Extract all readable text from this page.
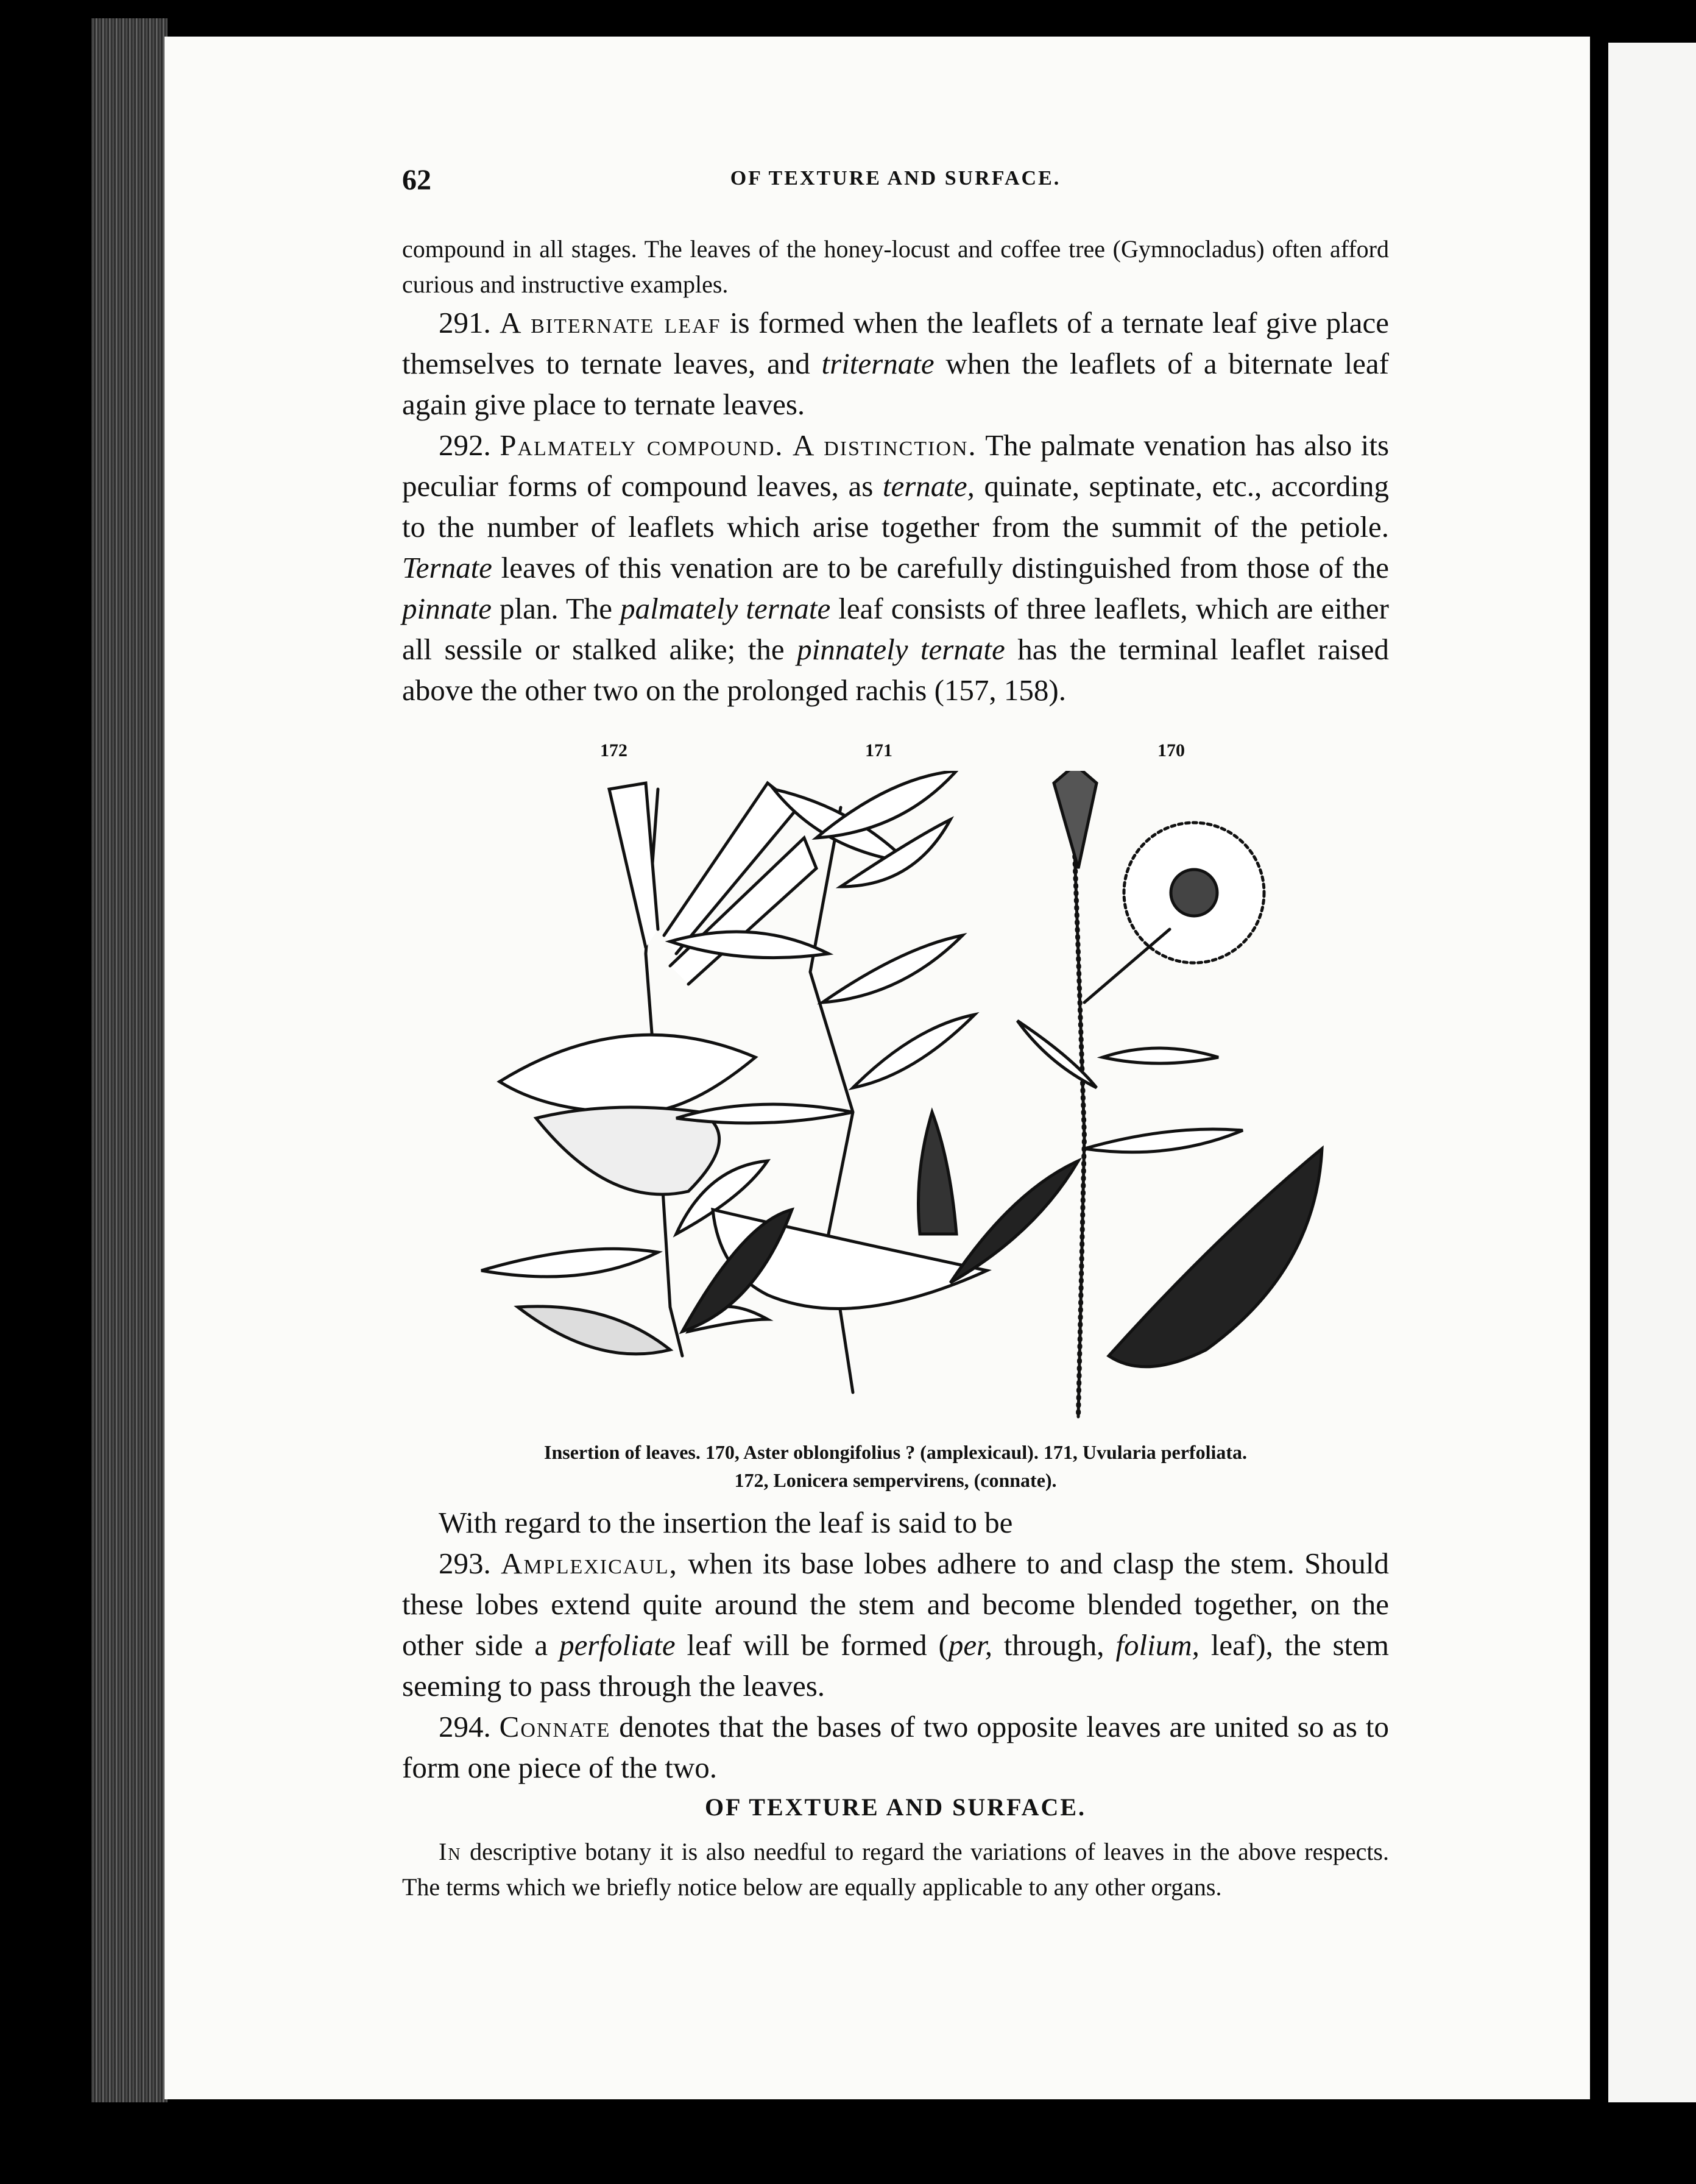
62	OF TEXTURE AND SURFACE.

compound in all stages. The leaves of the honey-locust and coffee tree (Gymnocladus) often afford curious and instructive examples.

291. A biternate leaf is formed when the leaflets of a ternate leaf give place themselves to ternate leaves, and triternate when the leaflets of a biternate leaf again give place to ternate leaves.

292. Palmately compound. A distinction. The palmate venation has also its peculiar forms of compound leaves, as ternate, quinate, septinate, etc., according to the number of leaflets which arise together from the summit of the petiole. Ternate leaves of this venation are to be carefully distinguished from those of the pinnate plan. The palmately ternate leaf consists of three leaflets, which are either all sessile or stalked alike; the pinnately ternate has the terminal leaflet raised above the other two on the prolonged rachis (157, 158).

172	171	170
Insertion of leaves. 170, Aster oblongifolius ? (amplexicaul). 171, Uvularia perfoliata.
172, Lonicera sempervirens, (connate).

With regard to the insertion the leaf is said to be

293. Amplexicaul, when its base lobes adhere to and clasp the stem. Should these lobes extend quite around the stem and become blended together, on the other side a perfoliate leaf will be formed (per, through, folium, leaf), the stem seeming to pass through the leaves.

294. Connate denotes that the bases of two opposite leaves are united so as to form one piece of the two.

OF TEXTURE AND SURFACE.

In descriptive botany it is also needful to regard the variations of leaves in the above respects. The terms which we briefly notice below are equally applicable to any other organs.
